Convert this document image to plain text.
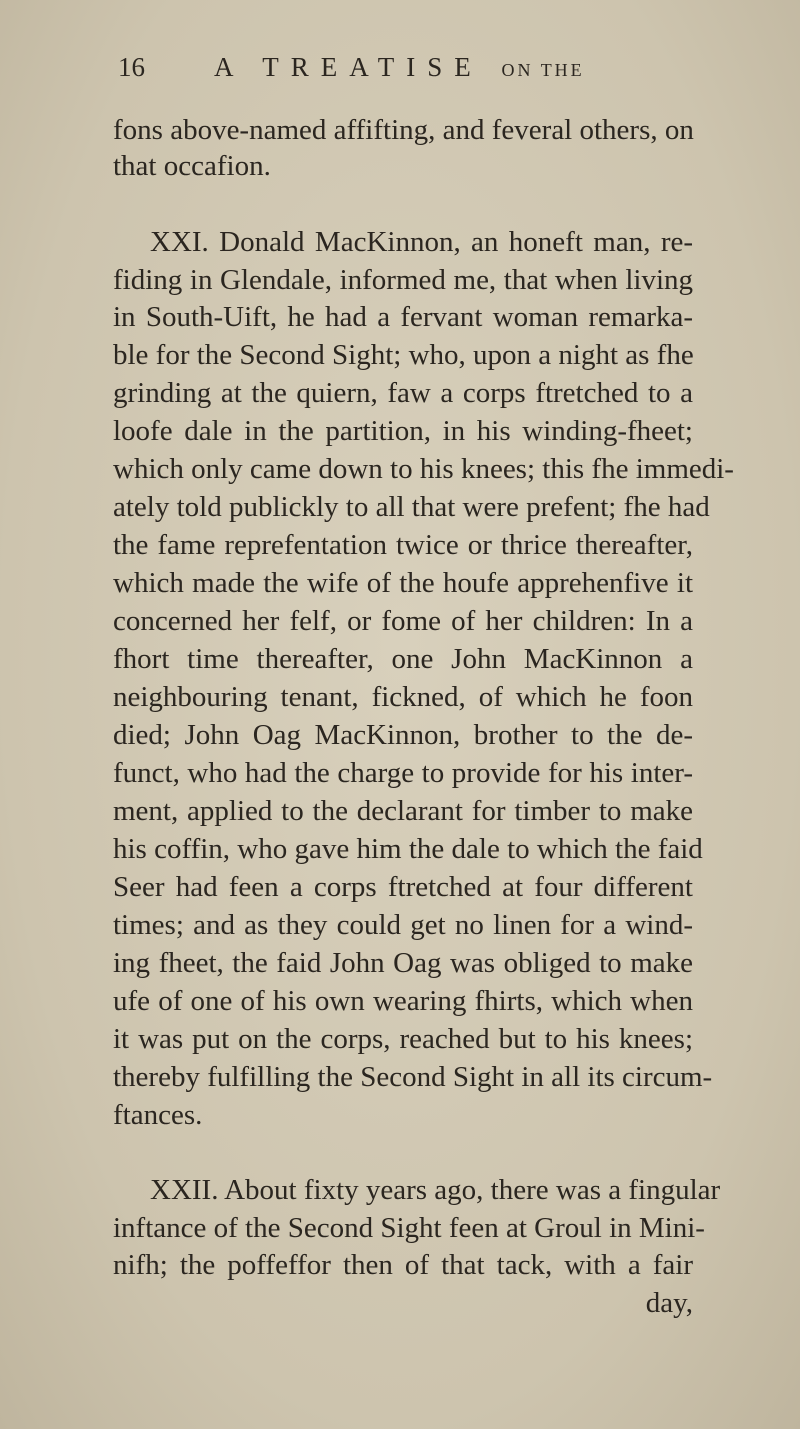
16	A TREATISE ON THE
fons above-named affifting, and feveral others, on
that occafion.
XXI. Donald MacKinnon, an honeft man, re-
fiding in Glendale, informed me, that when living
in South-Uift, he had a fervant woman remarka-
ble for the Second Sight; who, upon a night as fhe
grinding at the quiern, faw a corps ftretched to a
loofe dale in the partition, in his winding-fheet;
which only came down to his knees; this fhe immedi-
ately told publickly to all that were prefent; fhe had
the fame reprefentation twice or thrice thereafter,
which made the wife of the houfe apprehenfive it
concerned her felf, or fome of her children: In a
fhort time thereafter, one John MacKinnon a
neighbouring tenant, fickned, of which he foon
died; John Oag MacKinnon, brother to the de-
funct, who had the charge to provide for his inter-
ment, applied to the declarant for timber to make
his coffin, who gave him the dale to which the faid
Seer had feen a corps ftretched at four different
times; and as they could get no linen for a wind-
ing fheet, the faid John Oag was obliged to make
ufe of one of his own wearing fhirts, which when
it was put on the corps, reached but to his knees;
thereby fulfilling the Second Sight in all its circum-
ftances.
XXII. About fixty years ago, there was a fingular
inftance of the Second Sight feen at Groul in Mini-
nifh; the poffeffor then of that tack, with a fair
day,
